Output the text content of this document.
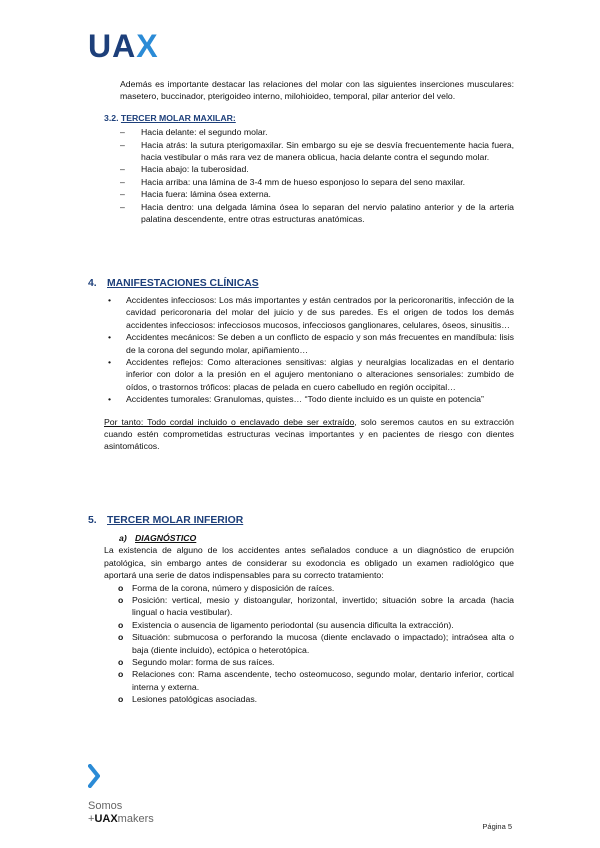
UAX
Además es importante destacar las relaciones del molar con las siguientes inserciones musculares: masetero, buccinador, pterigoideo interno, milohioideo, temporal, pilar anterior del velo.
3.2. TERCER MOLAR MAXILAR:
– Hacia delante: el segundo molar.
– Hacia atrás: la sutura pterigomaxilar. Sin embargo su eje se desvía frecuentemente hacia fuera, hacia vestibular o más rara vez de manera oblicua, hacia delante contra el segundo molar.
– Hacia abajo: la tuberosidad.
– Hacia arriba: una lámina de 3-4 mm de hueso esponjoso lo separa del seno maxilar.
– Hacia fuera: lámina ósea externa.
– Hacia dentro: una delgada lámina ósea lo separan del nervio palatino anterior y de la arteria palatina descendente, entre otras estructuras anatómicas.
4. MANIFESTACIONES CLÍNICAS
• Accidentes infecciosos: Los más importantes y están centrados por la pericoronaritis, infección de la cavidad pericoronaria del molar del juicio y de sus paredes. Es el origen de todos los demás accidentes infecciosos: infecciosos mucosos, infecciosos ganglionares, celulares, óseos, sinusitis…
• Accidentes mecánicos: Se deben a un conflicto de espacio y son más frecuentes en mandíbula: lisis de la corona del segundo molar, apiñamiento…
• Accidentes reflejos: Como alteraciones sensitivas: algias y neuralgias localizadas en el dentario inferior con dolor a la presión en el agujero mentoniano o alteraciones sensoriales: zumbido de oídos, o trastornos tróficos: placas de pelada en cuero cabelludo en región occipital…
• Accidentes tumorales: Granulomas, quistes… “Todo diente incluido es un quiste en potencia”
Por tanto: Todo cordal incluido o enclavado debe ser extraído, solo seremos cautos en su extracción cuando estén comprometidas estructuras vecinas importantes y en pacientes de riesgo con dientes asintomáticos.
5. TERCER MOLAR INFERIOR
a) DIAGNÓSTICO
La existencia de alguno de los accidentes antes señalados conduce a un diagnóstico de erupción patológica, sin embargo antes de considerar su exodoncia es obligado un examen radiológico que aportará una serie de datos indispensables para su correcto tratamiento:
o Forma de la corona, número y disposición de raíces.
o Posición: vertical, mesio y distoangular, horizontal, invertido; situación sobre la arcada (hacia lingual o hacia vestibular).
o Existencia o ausencia de ligamento periodontal (su ausencia dificulta la extracción).
o Situación: submucosa o perforando la mucosa (diente enclavado o impactado); intraósea alta o baja (diente incluido), ectópica o heterotópica.
o Segundo molar: forma de sus raíces.
o Relaciones con: Rama ascendente, techo osteomucoso, segundo molar, dentario inferior, cortical interna y externa.
o Lesiones patológicas asociadas.
Somos
+UAXmakers
Página 5
